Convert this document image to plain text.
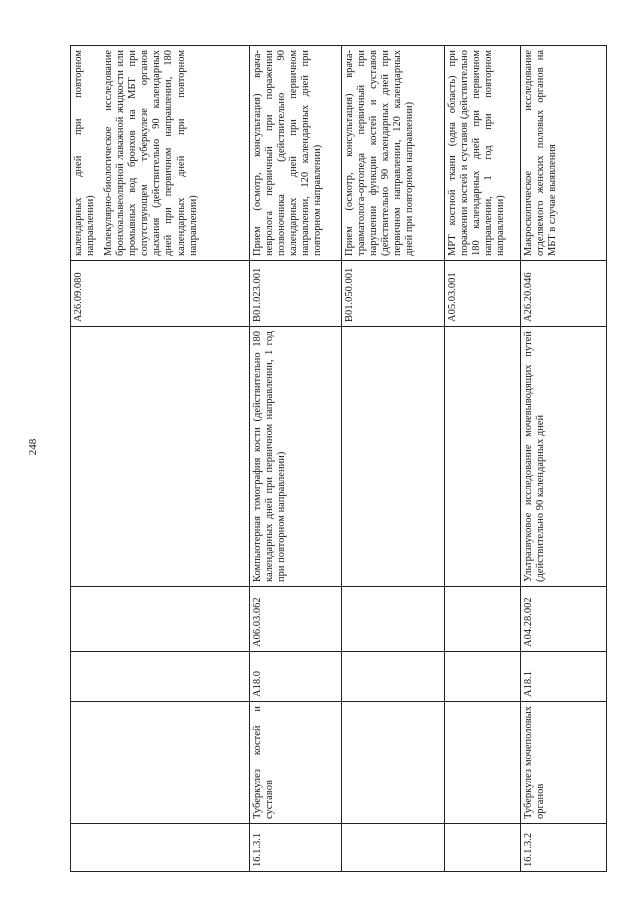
248
					A26.09.080	календарных дней при повторном направлении) Молекулярно-биологическое исследование бронхоальвеолярной лаважной жидкости или промывных вод бронхов на МБТ при сопутствующем туберкулезе органов дыхания (действительно 90 календарных дней при первичном направлении, 180 календарных дней при повторном направлении)

16.1.3.1	Туберкулез костей и суставов	A18.0	A06.03.062	Компьютерная томография кости (действительно 180 календарных дней при первичном направлении, 1 год при повторном направлении)	B01.023.001	Прием (осмотр, консультация) врача-невролога первичный при поражении позвоночника (действительно 90 календарных дней при первичном направлении, 120 календарных дней при повторном направлении)
					B01.050.001	Прием (осмотр, консультация) врача-травматолога-ортопеда первичный при нарушении функции костей и суставов (действительно 90 календарных дней при первичном направлении, 120 календарных дней при повторном направлении)
					A05.03.001	МРТ костной ткани (одна область) при поражении костей и суставов (действительно 180 календарных дней при первичном направлении, 1 год при повторном направлении)
16.1.3.2	Туберкулез мочеполовых органов	A18.1	A04.28.002	Ультразвуковое исследование мочевыводящих путей (действительно 90 календарных дней	A26.20.046	Макроскопическое исследование отделяемого женских половых органов на МБТ в случае выявления
